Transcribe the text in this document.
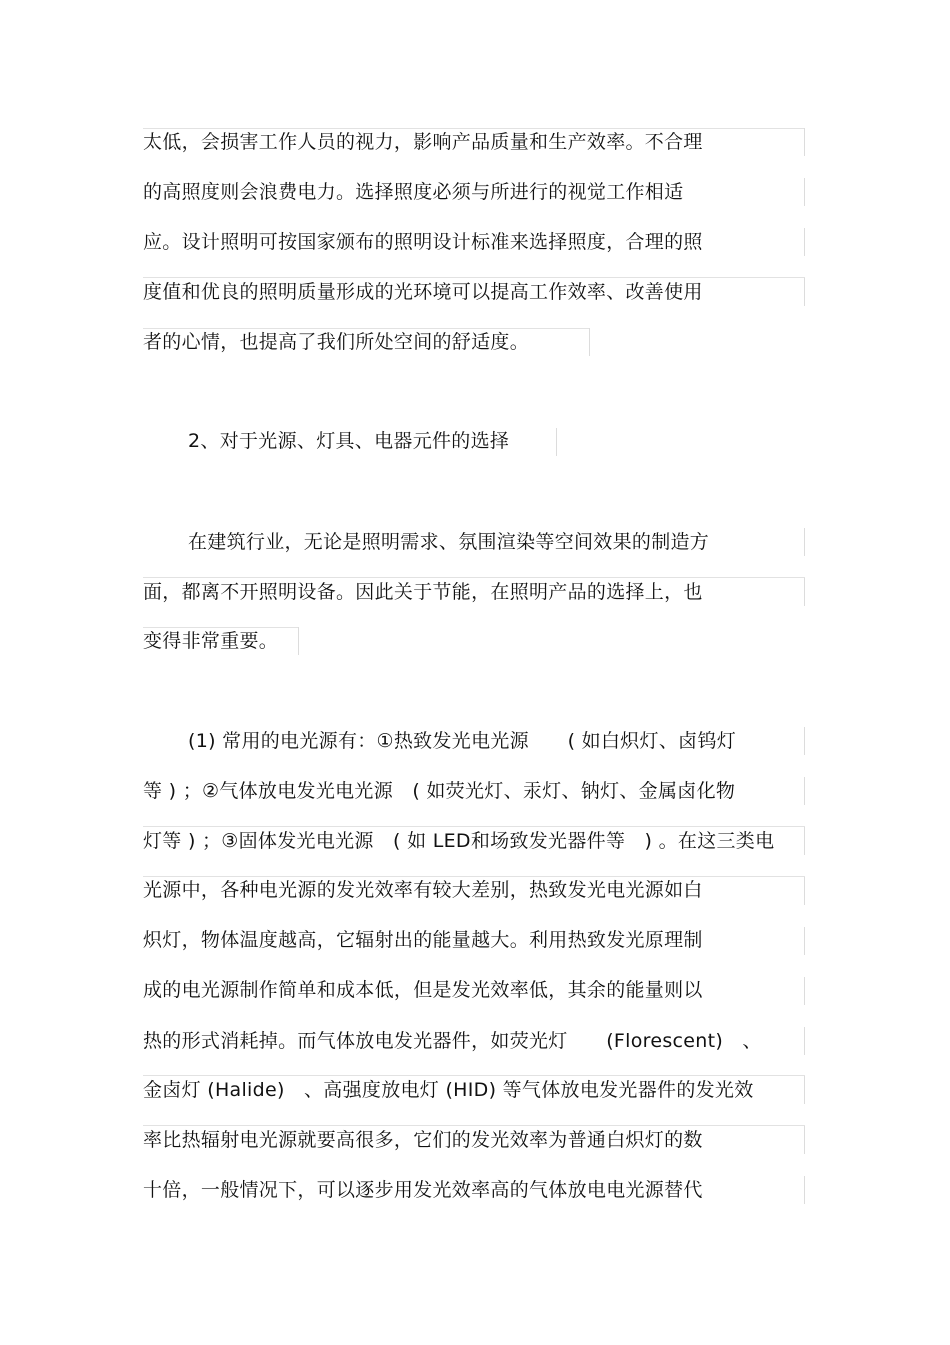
太低，会损害工作人员的视力，影响产品质量和生产效率。不合理
的高照度则会浪费电力。选择照度必须与所进行的视觉工作相适
应。设计照明可按国家颁布的照明设计标准来选择照度，合理的照
度值和优良的照明质量形成的光环境可以提高工作效率、改善使用
者的心情，也提高了我们所处空间的舒适度。
2、对于光源、灯具、电器元件的选择
在建筑行业，无论是照明需求、氛围渲染等空间效果的制造方
面，都离不开照明设备。因此关于节能，在照明产品的选择上，也
变得非常重要。
(1) 常用的电光源有：①热致发光电光源　　( 如白炽灯、卤钨灯
等 ) ；②气体放电发光电光源　( 如荧光灯、汞灯、钠灯、金属卤化物
灯等 ) ；③固体发光电光源　( 如 LED和场致发光器件等　) 。在这三类电
光源中，各种电光源的发光效率有较大差别，热致发光电光源如白
炽灯，物体温度越高，它辐射出的能量越大。利用热致发光原理制
成的电光源制作简单和成本低，但是发光效率低，其余的能量则以
热的形式消耗掉。而气体放电发光器件，如荧光灯　　(Florescent)　、
金卤灯 (Halide)　、高强度放电灯 (HID) 等气体放电发光器件的发光效
率比热辐射电光源就要高很多，它们的发光效率为普通白炽灯的数
十倍，一般情况下，可以逐步用发光效率高的气体放电电光源替代
